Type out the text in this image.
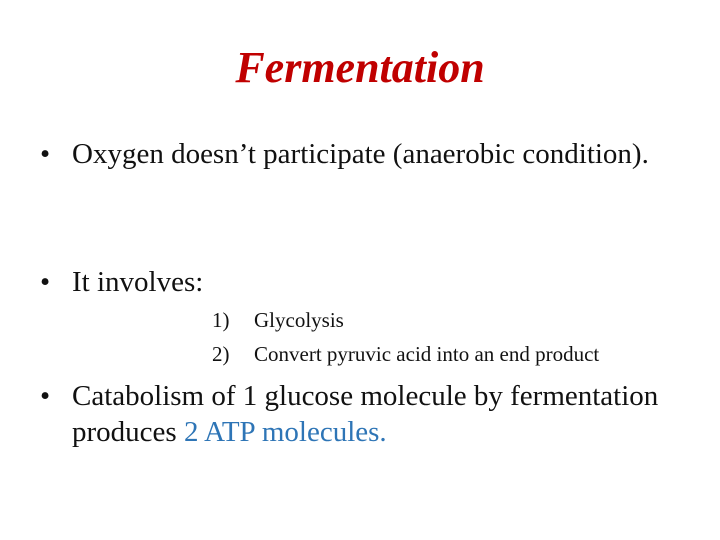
Fermentation
• Oxygen doesn’t participate (anaerobic condition).
• It involves:
1) Glycolysis
2) Convert pyruvic acid into an end product
• Catabolism of 1 glucose molecule by fermentation produces 2 ATP molecules.
